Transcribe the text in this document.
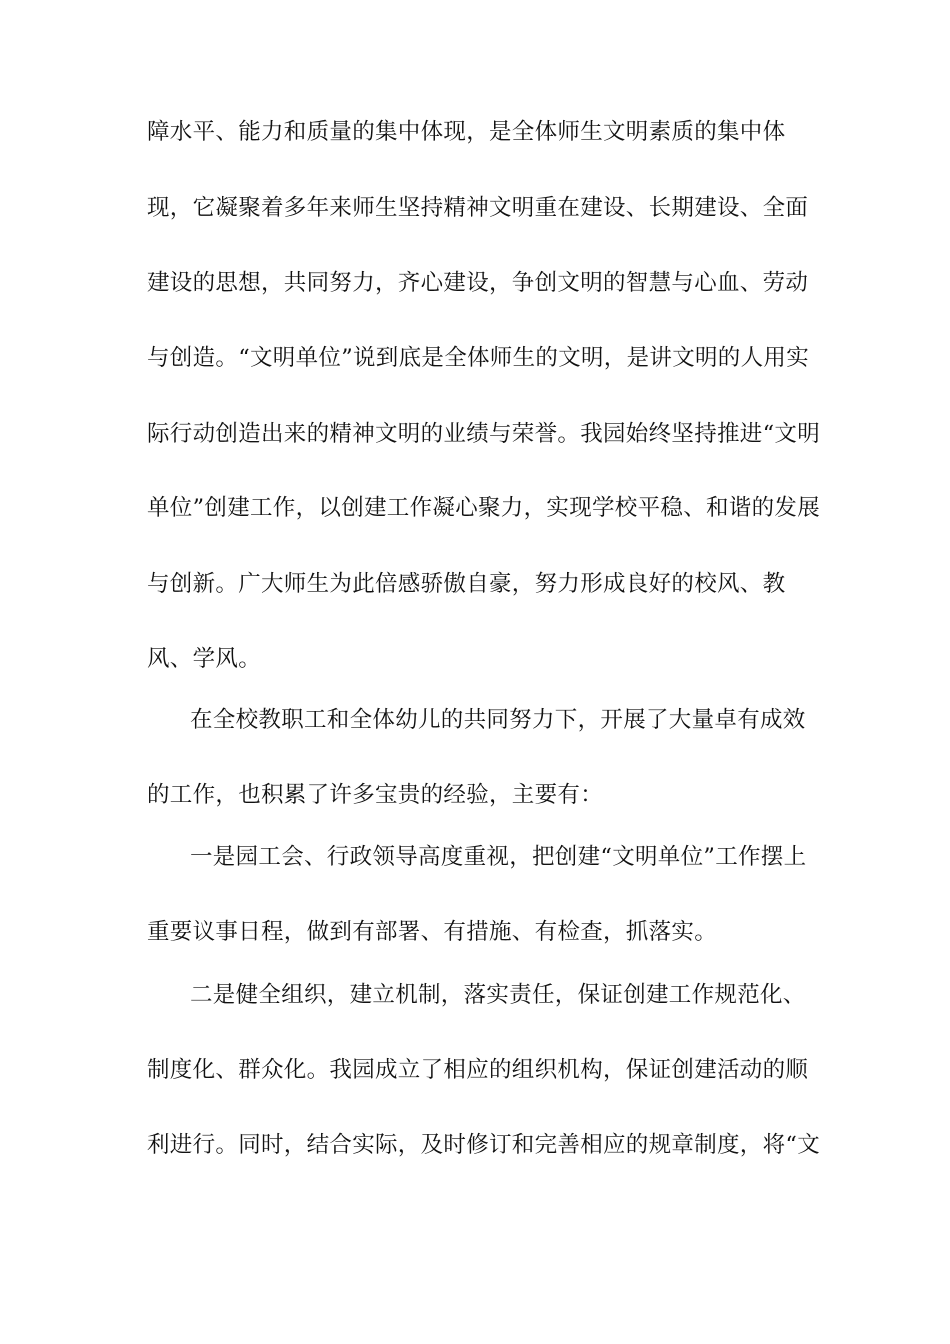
障水平、能力和质量的集中体现，是全体师生文明素质的集中体

现，它凝聚着多年来师生坚持精神文明重在建设、长期建设、全面

建设的思想，共同努力，齐心建设，争创文明的智慧与心血、劳动

与创造。“文明单位”说到底是全体师生的文明，是讲文明的人用实

际行动创造出来的精神文明的业绩与荣誉。我园始终坚持推进“文明

单位”创建工作，以创建工作凝心聚力，实现学校平稳、和谐的发展

与创新。广大师生为此倍感骄傲自豪，努力形成良好的校风、教

风、学风。

在全校教职工和全体幼儿的共同努力下，开展了大量卓有成效

的工作，也积累了许多宝贵的经验，主要有：

一是园工会、行政领导高度重视，把创建“文明单位”工作摆上

重要议事日程，做到有部署、有措施、有检查，抓落实。

二是健全组织，建立机制，落实责任，保证创建工作规范化、

制度化、群众化。我园成立了相应的组织机构，保证创建活动的顺

利进行。同时，结合实际，及时修订和完善相应的规章制度，将“文
